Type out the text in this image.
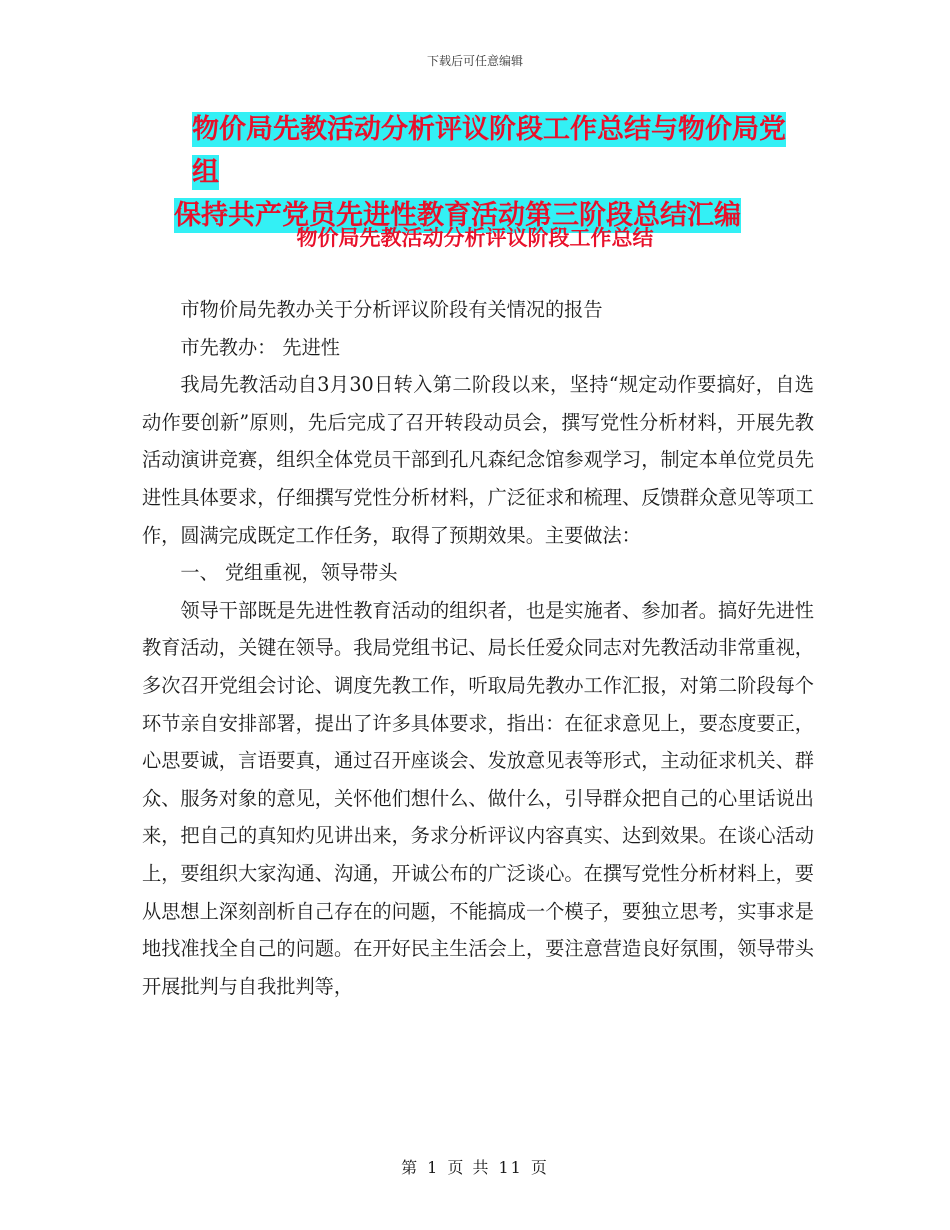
下载后可任意编辑
物价局先教活动分析评议阶段工作总结与物价局党组
保持共产党员先进性教育活动第三阶段总结汇编
物价局先教活动分析评议阶段工作总结

市物价局先教办关于分析评议阶段有关情况的报告

市先教办： 先进性

我局先教活动自3月30日转入第二阶段以来，坚持“规定动作要搞好，自选动作要创新”原则，先后完成了召开转段动员会，撰写党性分析材料，开展先教活动演讲竞赛，组织全体党员干部到孔凡森纪念馆参观学习，制定本单位党员先进性具体要求，仔细撰写党性分析材料，广泛征求和梳理、反馈群众意见等项工作，圆满完成既定工作任务，取得了预期效果。主要做法：

一、 党组重视，领导带头

领导干部既是先进性教育活动的组织者，也是实施者、参加者。搞好先进性教育活动，关键在领导。我局党组书记、局长任爱众同志对先教活动非常重视，多次召开党组会讨论、调度先教工作，听取局先教办工作汇报，对第二阶段每个环节亲自安排部署，提出了许多具体要求，指出：在征求意见上，要态度要正，心思要诚，言语要真，通过召开座谈会、发放意见表等形式，主动征求机关、群众、服务对象的意见，关怀他们想什么、做什么，引导群众把自己的心里话说出来，把自己的真知灼见讲出来，务求分析评议内容真实、达到效果。在谈心活动上，要组织大家沟通、沟通，开诚公布的广泛谈心。在撰写党性分析材料上，要从思想上深刻剖析自己存在的问题，不能搞成一个模子，要独立思考，实事求是地找准找全自己的问题。在开好民主生活会上，要注意营造良好氛围，领导带头开展批判与自我批判等，

第 1 页 共 11 页
